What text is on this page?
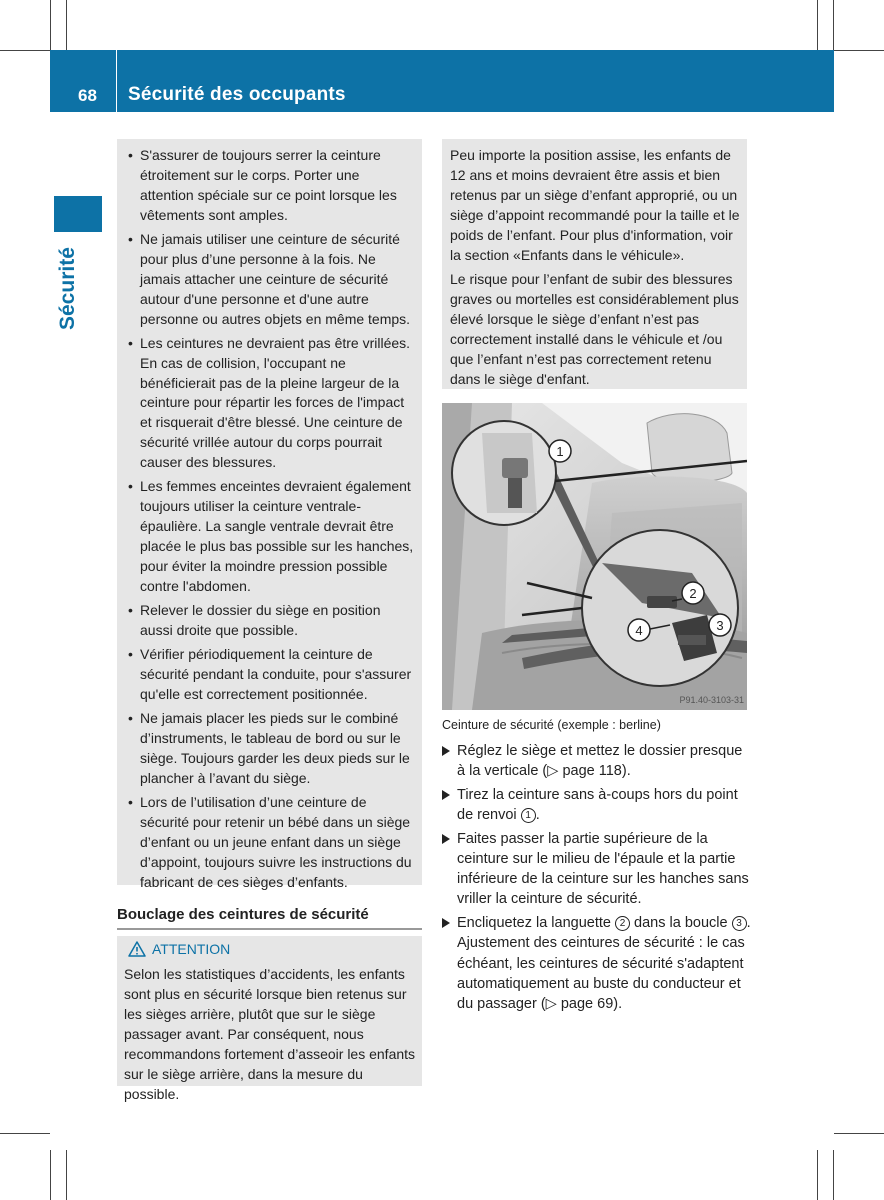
68 Sécurité des occupants
Sécurité
• S'assurer de toujours serrer la ceinture étroitement sur le corps. Porter une attention spéciale sur ce point lorsque les vêtements sont amples.
• Ne jamais utiliser une ceinture de sécurité pour plus d’une personne à la fois. Ne jamais attacher une ceinture de sécurité autour d'une personne et d'une autre personne ou autres objets en même temps.
• Les ceintures ne devraient pas être vrillées. En cas de collision, l'occupant ne bénéficierait pas de la pleine largeur de la ceinture pour répartir les forces de l'impact et risquerait d'être blessé. Une ceinture de sécurité vrillée autour du corps pourrait causer des blessures.
• Les femmes enceintes devraient également toujours utiliser la ceinture ventrale-épaulière. La sangle ventrale devrait être placée le plus bas possible sur les hanches, pour éviter la moindre pression possible contre l'abdomen.
• Relever le dossier du siège en position aussi droite que possible.
• Vérifier périodiquement la ceinture de sécurité pendant la conduite, pour s'assurer qu'elle est correctement positionnée.
• Ne jamais placer les pieds sur le combiné d’instruments, le tableau de bord ou sur le siège. Toujours garder les deux pieds sur le plancher à l’avant du siège.
• Lors de l’utilisation d’une ceinture de sécurité pour retenir un bébé dans un siège d’enfant ou un jeune enfant dans un siège d’appoint, toujours suivre les instructions du fabricant de ces sièges d’enfants.
Bouclage des ceintures de sécurité
ATTENTION
Selon les statistiques d’accidents, les enfants sont plus en sécurité lorsque bien retenus sur les sièges arrière, plutôt que sur le siège passager avant. Par conséquent, nous recommandons fortement d’asseoir les enfants sur le siège arrière, dans la mesure du possible.

Peu importe la position assise, les enfants de 12 ans et moins devraient être assis et bien retenus par un siège d’enfant approprié, ou un siège d’appoint recommandé pour la taille et le poids de l’enfant. Pour plus d'information, voir la section «Enfants dans le véhicule».

Le risque pour l’enfant de subir des blessures graves ou mortelles est considérablement plus élevé lorsque le siège d’enfant n’est pas correctement installé dans le véhicule et /ou que l’enfant n’est pas correctement retenu dans le siège d'enfant.

1
2
3
4
P91.40-3103-31
Ceinture de sécurité (exemple : berline)
Réglez le siège et mettez le dossier presque à la verticale (▷ page 118).
Tirez la ceinture sans à-coups hors du point de renvoi 1 .
Faites passer la partie supérieure de la ceinture sur le milieu de l'épaule et la partie inférieure de la ceinture sur les hanches sans vriller la ceinture de sécurité.
Encliquetez la languette 2 dans la boucle 3 .
Ajustement des ceintures de sécurité : le cas échéant, les ceintures de sécurité s'adaptent automatiquement au buste du conducteur et du passager (▷ page 69).
